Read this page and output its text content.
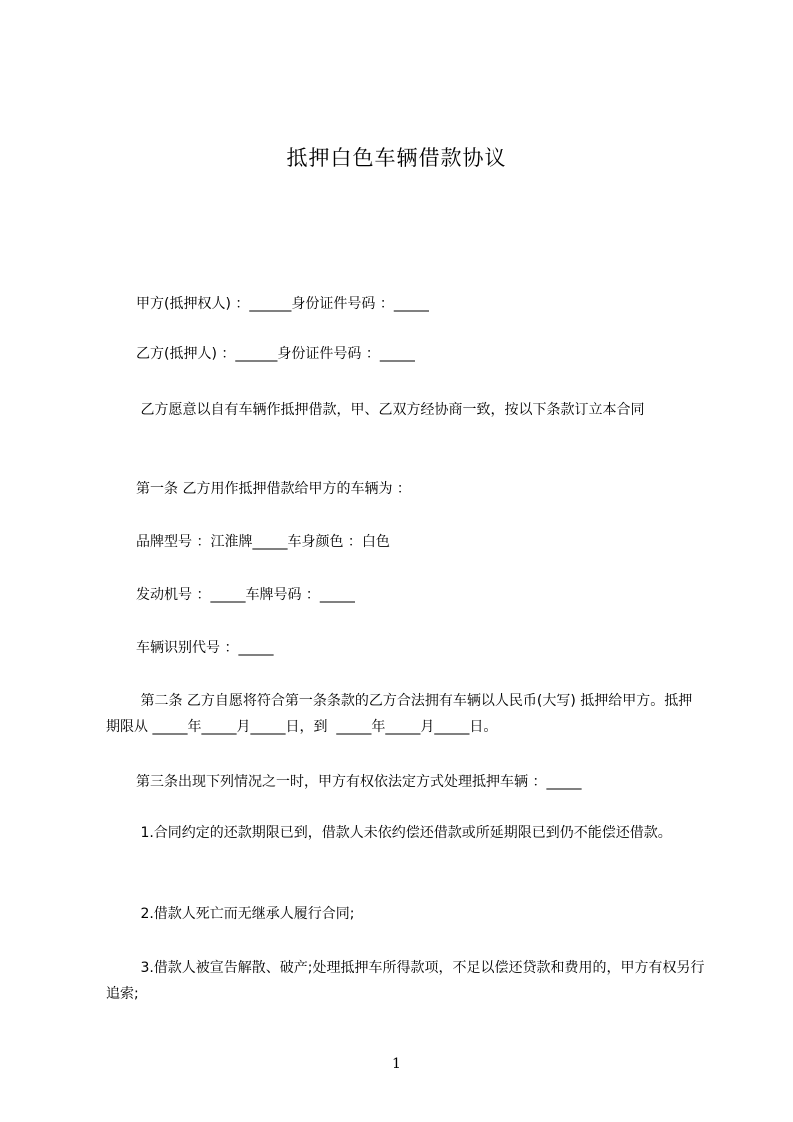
抵押白色车辆借款协议
甲方(抵押权人) ：______身份证件号码 ：_____
乙方(抵押人) ：______身份证件号码 ：_____
乙方愿意以自有车辆作抵押借款，甲、乙双方经协商一致，按以下条款订立本合同
第一条 乙方用作抵押借款给甲方的车辆为 ：
品牌型号 ：江淮牌_____车身颜色 ：白色
发动机号 ：_____车牌号码 ：_____
车辆识别代号 ：_____
第二条 乙方自愿将符合第一条条款的乙方合法拥有车辆以人民币(大写) 抵押给甲方。抵押期限从 _____年_____月_____日，到  _____年_____月_____日。
第三条出现下列情况之一时，甲方有权依法定方式处理抵押车辆 ：_____
1.合同约定的还款期限已到，借款人未依约偿还借款或所延期限已到仍不能偿还借款。
2.借款人死亡而无继承人履行合同;
3.借款人被宣告解散、破产;处理抵押车所得款项，不足以偿还贷款和费用的，甲方有权另行追索;
1
